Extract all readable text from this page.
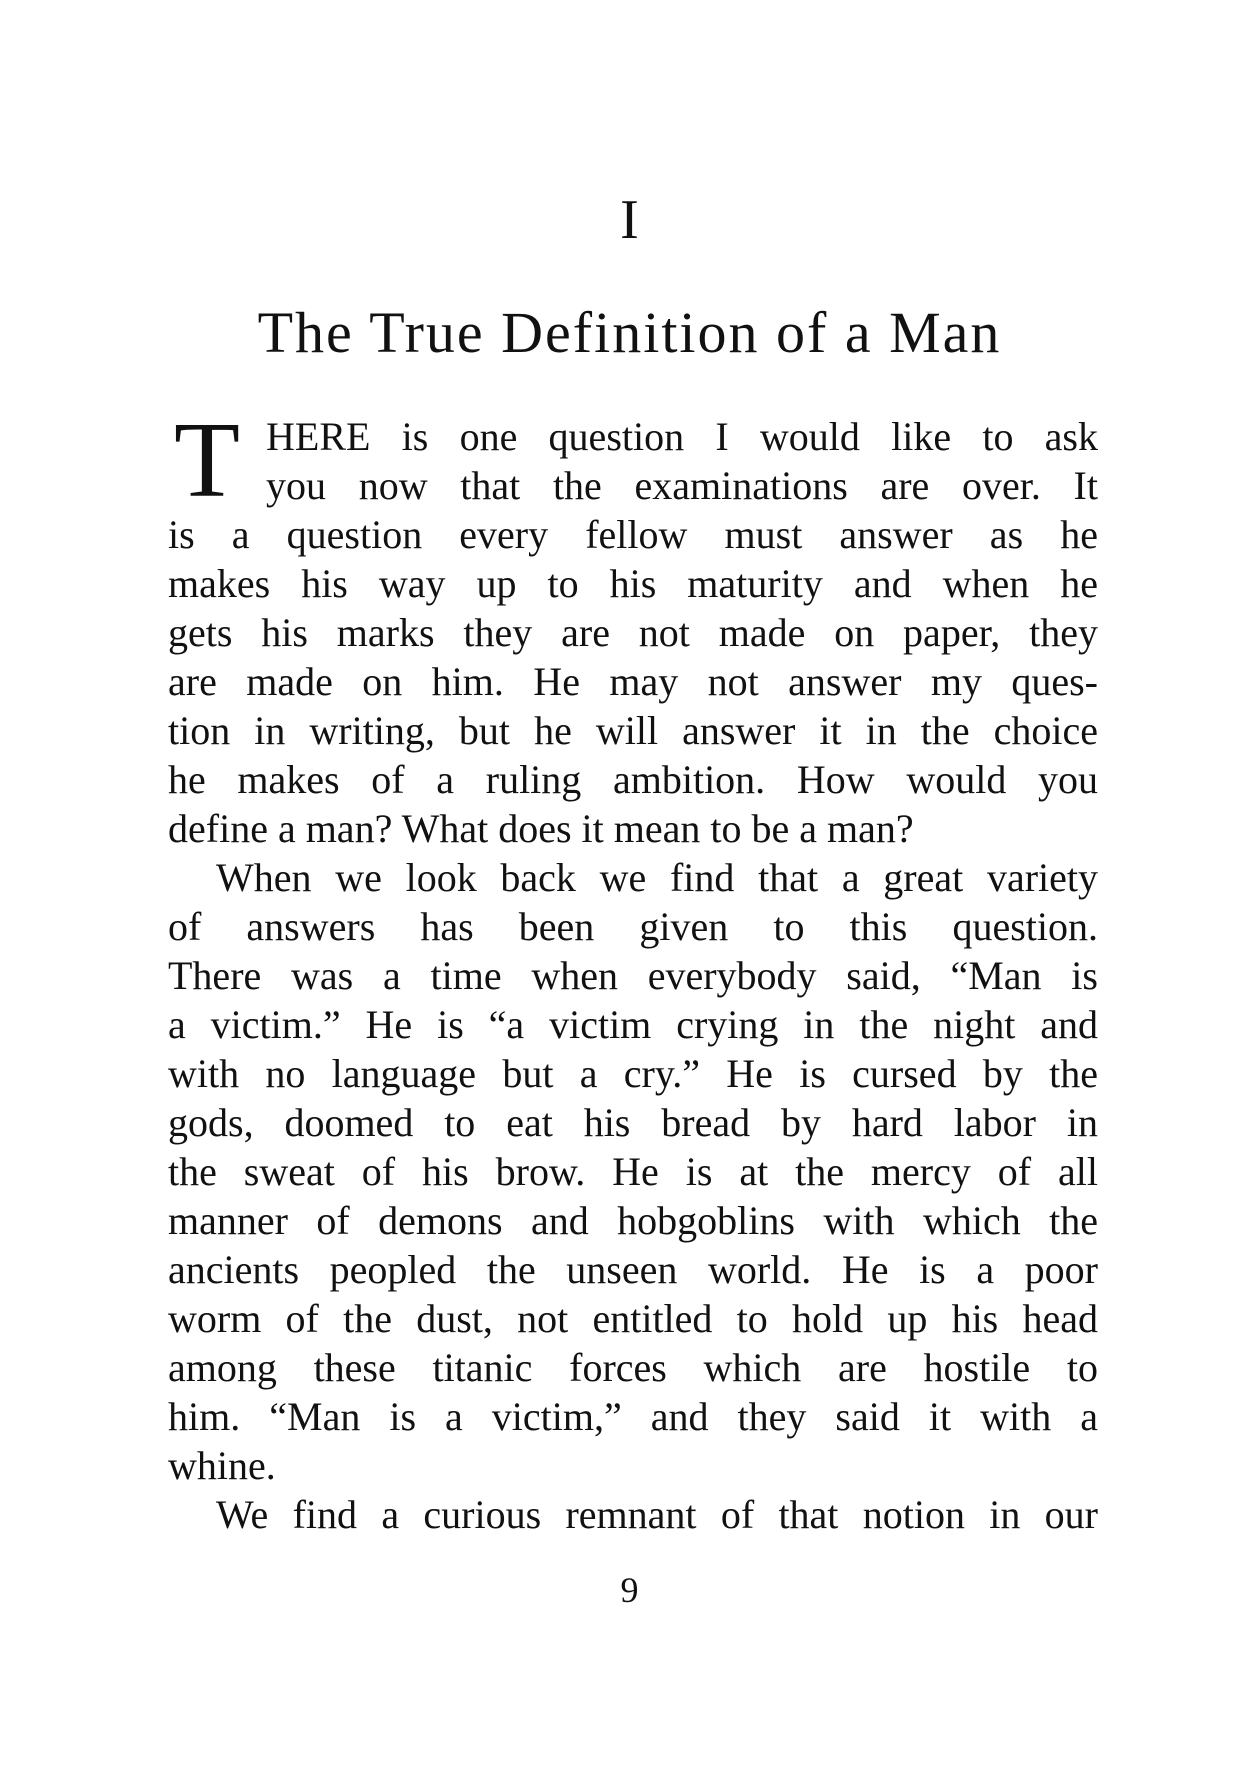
I
The True Definition of a Man
T HERE is one question I would like to ask
you now that the examinations are over. It
is a question every fellow must answer as he
makes his way up to his maturity and when he
gets his marks they are not made on paper, they
are made on him. He may not answer my ques-
tion in writing, but he will answer it in the choice
he makes of a ruling ambition. How would you
define a man? What does it mean to be a man?
When we look back we find that a great variety
of answers has been given to this question.
There was a time when everybody said, “Man is
a victim.” He is “a victim crying in the night and
with no language but a cry.” He is cursed by the
gods, doomed to eat his bread by hard labor in
the sweat of his brow. He is at the mercy of all
manner of demons and hobgoblins with which the
ancients peopled the unseen world. He is a poor
worm of the dust, not entitled to hold up his head
among these titanic forces which are hostile to
him. “Man is a victim,” and they said it with a
whine.
We find a curious remnant of that notion in our
9
